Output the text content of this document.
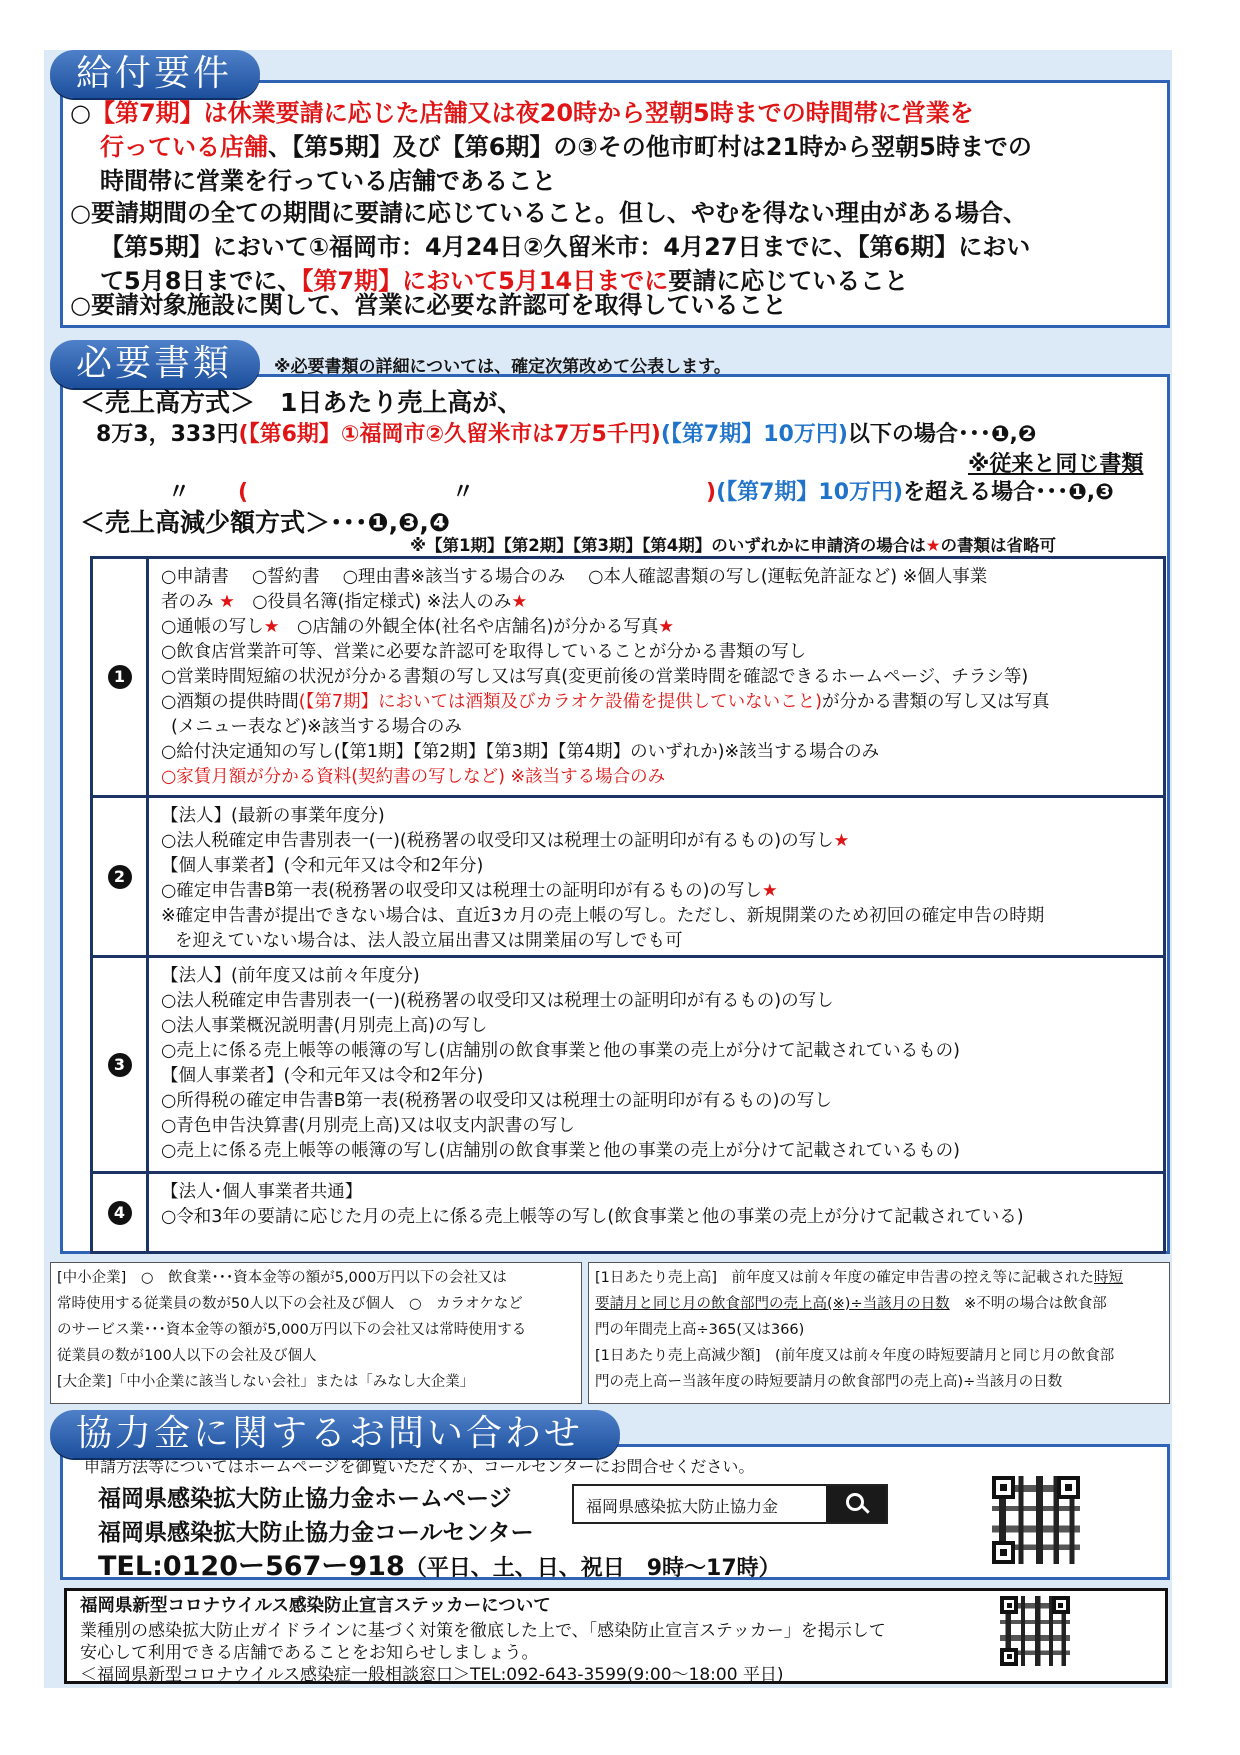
給付要件
○【第7期】は休業要請に応じた店舗又は夜20時から翌朝5時までの時間帯に営業を

行っている店舗、【第5期】及び【第6期】の③その他市町村は21時から翌朝5時までの
時間帯に営業を行っている店舗であること
○要請期間の全ての期間に要請に応じていること。但し、やむを得ない理由がある場合、

【第5期】において①福岡市：4月24日②久留米市：4月27日までに、【第6期】におい
て5月8日までに、【第7期】において5月14日までに要請に応じていること
○要請対象施設に関して、営業に必要な許認可を取得していること
必要書類	※必要書類の詳細については、確定次第改めて公表します。
＜売上高方式＞　1日あたり売上高が、
8万3，333円(【第6期】①福岡市②久留米市は7万5千円)(【第7期】10万円)以下の場合･･･❶,❷
※従来と同じ書類
〃 (	〃	)(【第7期】10万円)を超える場合･･･❶,❸
＜売上高減少額方式＞･･･❶,❸,❹
※【第1期】【第2期】【第3期】【第4期】のいずれかに申請済の場合は★の書類は省略可
1
○申請書　 ○誓約書　 ○理由書※該当する場合のみ　 ○本人確認書類の写し(運転免許証など) ※個人事業
者のみ ★　 ○役員名簿(指定様式) ※法人のみ★
○通帳の写し★　 ○店舗の外観全体(社名や店舗名)が分かる写真★
○飲食店営業許可等、営業に必要な許認可を取得していることが分かる書類の写し
○営業時間短縮の状況が分かる書類の写し又は写真(変更前後の営業時間を確認できるホームページ、チラシ等)
○酒類の提供時間(【第7期】においては酒類及びカラオケ設備を提供していないこと)が分かる書類の写し又は写真
(メニュー表など)※該当する場合のみ
○給付決定通知の写し(【第1期】【第2期】【第3期】【第4期】のいずれか)※該当する場合のみ
○家賃月額が分かる資料(契約書の写しなど) ※該当する場合のみ
2
【法人】(最新の事業年度分)
○法人税確定申告書別表一(一)(税務署の収受印又は税理士の証明印が有るもの)の写し★
【個人事業者】(令和元年又は令和2年分)
○確定申告書B第一表(税務署の収受印又は税理士の証明印が有るもの)の写し★
※確定申告書が提出できない場合は、直近3カ月の売上帳の写し。ただし、新規開業のため初回の確定申告の時期
を迎えていない場合は、法人設立届出書又は開業届の写しでも可
3
【法人】(前年度又は前々年度分)
○法人税確定申告書別表一(一)(税務署の収受印又は税理士の証明印が有るもの)の写し
○法人事業概況説明書(月別売上高)の写し
○売上に係る売上帳等の帳簿の写し(店舗別の飲食事業と他の事業の売上が分けて記載されているもの)
【個人事業者】(令和元年又は令和2年分)
○所得税の確定申告書B第一表(税務署の収受印又は税理士の証明印が有るもの)の写し
○青色申告決算書(月別売上高)又は収支内訳書の写し
○売上に係る売上帳等の帳簿の写し(店舗別の飲食事業と他の事業の売上が分けて記載されているもの)
4
【法人･個人事業者共通】
○令和3年の要請に応じた月の売上に係る売上帳等の写し(飲食事業と他の事業の売上が分けて記載されている)
[中小企業]　○　飲食業･･･資本金等の額が5,000万円以下の会社又は
常時使用する従業員の数が50人以下の会社及び個人　○　カラオケなど
のサービス業･･･資本金等の額が5,000万円以下の会社又は常時使用する
従業員の数が100人以下の会社及び個人
[大企業]「中小企業に該当しない会社」または「みなし大企業」
[1日あたり売上高]　前年度又は前々年度の確定申告書の控え等に記載された時短
要請月と同じ月の飲食部門の売上高(※)÷当該月の日数　※不明の場合は飲食部
門の年間売上高÷365(又は366)
[1日あたり売上高減少額]　(前年度又は前々年度の時短要請月と同じ月の飲食部
門の売上高ー当該年度の時短要請月の飲食部門の売上高)÷当該月の日数
協力金に関するお問い合わせ先
申請方法等についてはホームページを御覧いただくか、コールセンターにお問合せください。
福岡県感染拡大防止協力金ホームページ	福岡県感染拡大防止協力金
福岡県感染拡大防止協力金コールセンター
TEL:0120ー567ー918（平日、土、日、祝日　9時～17時）
福岡県新型コロナウイルス感染防止宣言ステッカーについて
業種別の感染拡大防止ガイドラインに基づく対策を徹底した上で、「感染防止宣言ステッカー」を掲示して
安心して利用できる店舗であることをお知らせしましょう。
＜福岡県新型コロナウイルス感染症一般相談窓口＞TEL:092-643-3599(9:00～18:00 平日)
